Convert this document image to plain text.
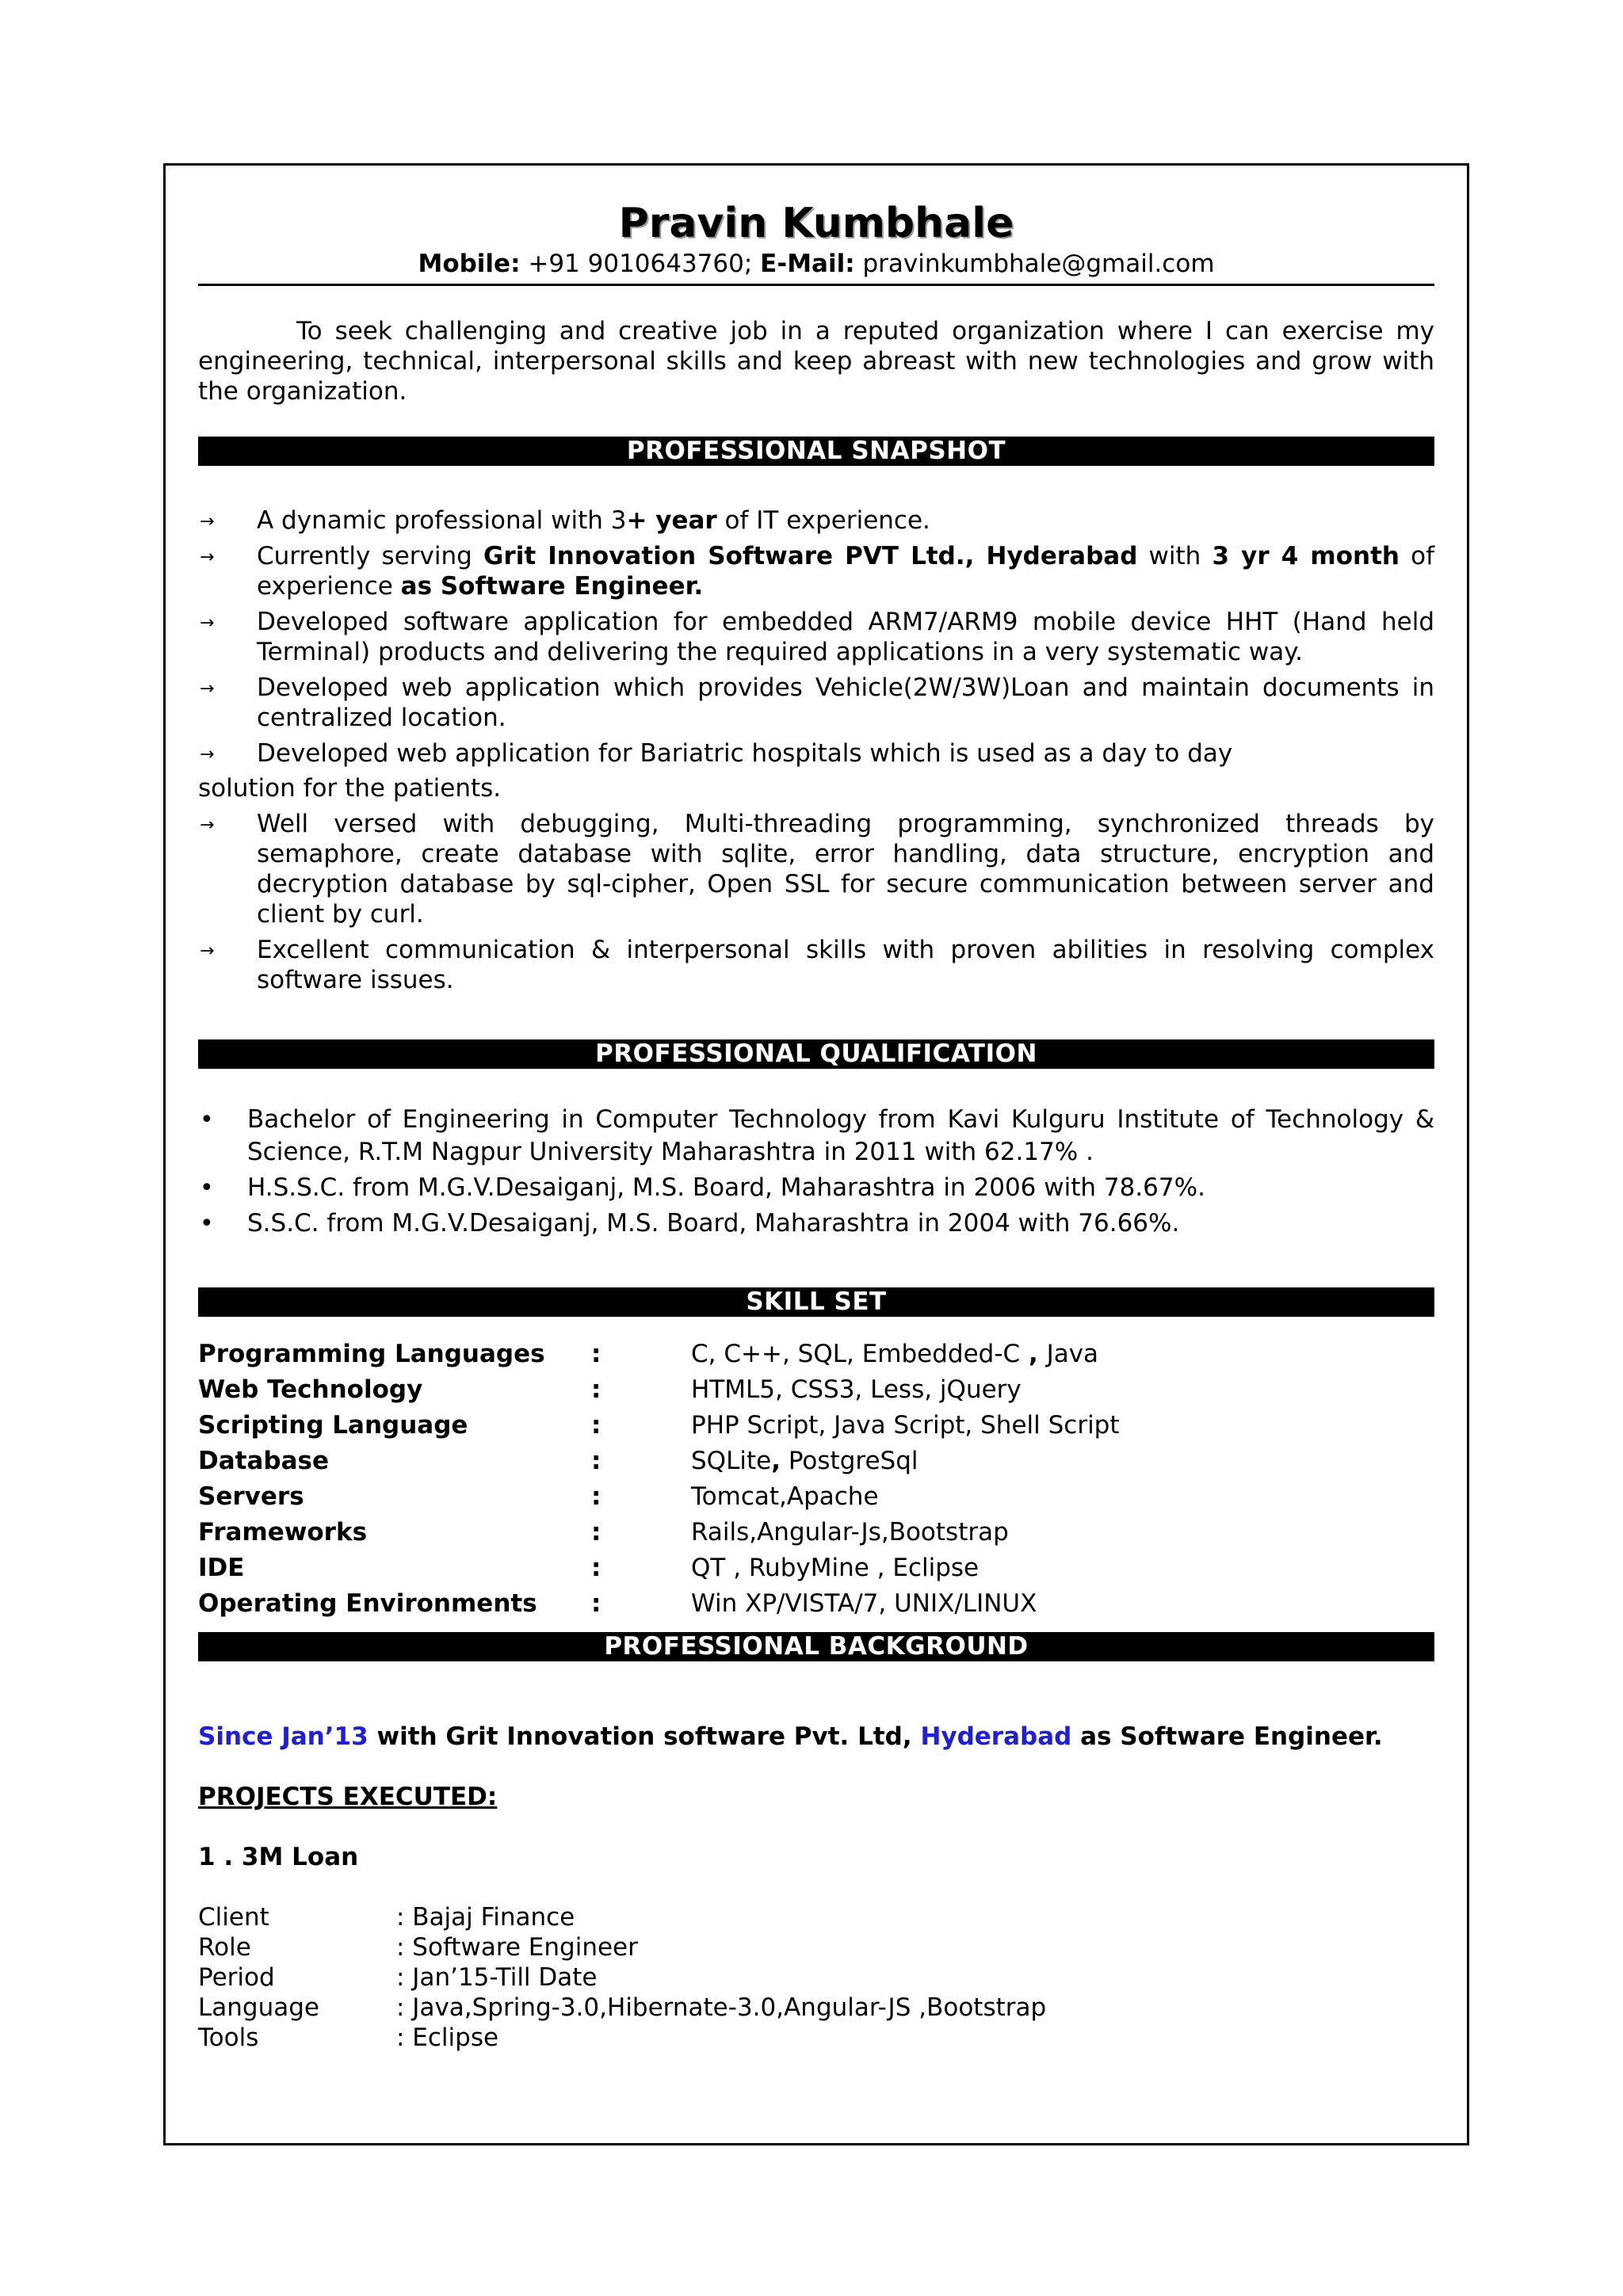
Pravin Kumbhale
Mobile: +91 9010643760; E-Mail: pravinkumbhale@gmail.com
To seek challenging and creative job in a reputed organization where I can exercise my engineering, technical, interpersonal skills and keep abreast with new technologies and grow with the organization.
PROFESSIONAL SNAPSHOT
→ A dynamic professional with 3+ year of IT experience.
→ Currently serving Grit Innovation Software PVT Ltd., Hyderabad with 3 yr 4 month of experience as Software Engineer.
→ Developed software application for embedded ARM7/ARM9 mobile device HHT (Hand held Terminal) products and delivering the required applications in a very systematic way.
→ Developed web application which provides Vehicle(2W/3W)Loan and maintain documents in centralized location.
→ Developed web application for Bariatric hospitals which is used as a day to day
solution for the patients.
→ Well versed with debugging, Multi-threading programming, synchronized threads by semaphore, create database with sqlite, error handling, data structure, encryption and decryption database by sql-cipher, Open SSL for secure communication between server and client by curl.
→ Excellent communication & interpersonal skills with proven abilities in resolving complex software issues.
PROFESSIONAL QUALIFICATION
• Bachelor of Engineering in Computer Technology from Kavi Kulguru Institute of Technology & Science, R.T.M Nagpur University Maharashtra in 2011 with 62.17% .
• H.S.S.C. from M.G.V.Desaiganj, M.S. Board, Maharashtra in 2006 with 78.67%.
• S.S.C. from M.G.V.Desaiganj, M.S. Board, Maharashtra in 2004 with 76.66%.
SKILL SET
Programming Languages	:	C, C++, SQL, Embedded-C , Java
Web Technology	:	HTML5, CSS3, Less, jQuery
Scripting Language	:	PHP Script, Java Script, Shell Script
Database	:	SQLite, PostgreSql
Servers	:	Tomcat,Apache
Frameworks	:	Rails,Angular-Js,Bootstrap
IDE	:	QT , RubyMine , Eclipse
Operating Environments	:	Win XP/VISTA/7, UNIX/LINUX
PROFESSIONAL BACKGROUND
Since Jan’13 with Grit Innovation software Pvt. Ltd, Hyderabad as Software Engineer.
PROJECTS EXECUTED:
1 . 3M Loan
Client	: Bajaj Finance
Role	: Software Engineer
Period	: Jan’15-Till Date
Language	: Java,Spring-3.0,Hibernate-3.0,Angular-JS ,Bootstrap
Tools	: Eclipse
